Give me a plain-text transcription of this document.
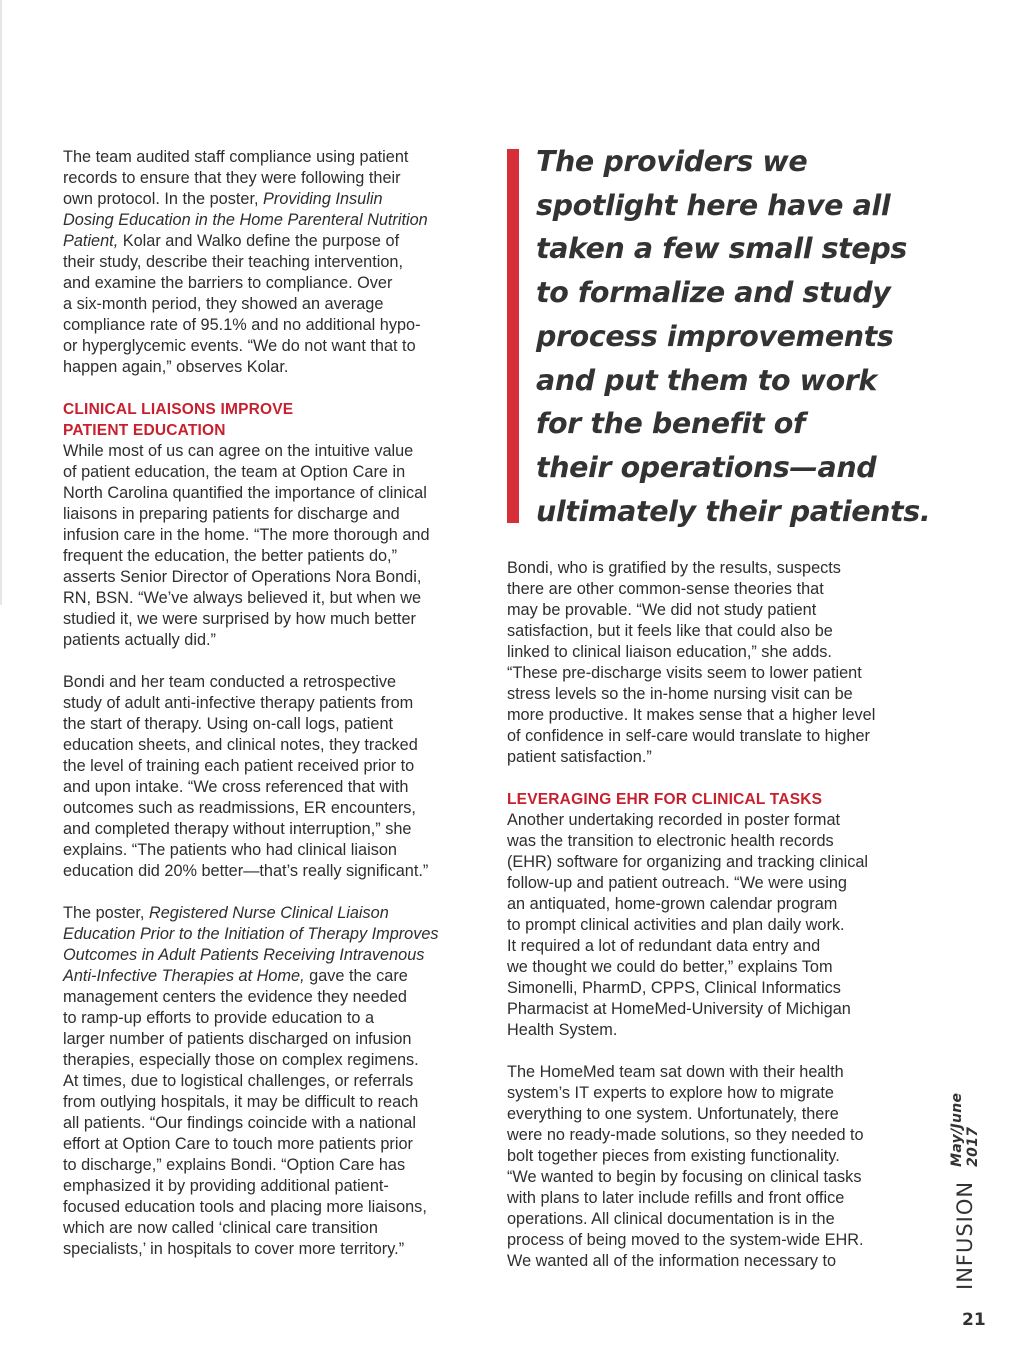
The team audited staff compliance using patient
records to ensure that they were following their
own protocol. In the poster, Providing Insulin
Dosing Education in the Home Parenteral Nutrition
Patient, Kolar and Walko define the purpose of
their study, describe their teaching intervention,
and examine the barriers to compliance. Over
a six-month period, they showed an average
compliance rate of 95.1% and no additional hypo-
or hyperglycemic events. “We do not want that to
happen again,” observes Kolar.
CLINICAL LIAISONS IMPROVE
PATIENT EDUCATION
While most of us can agree on the intuitive value
of patient education, the team at Option Care in
North Carolina quantified the importance of clinical
liaisons in preparing patients for discharge and
infusion care in the home. “The more thorough and
frequent the education, the better patients do,”
asserts Senior Director of Operations Nora Bondi,
RN, BSN. “We’ve always believed it, but when we
studied it, we were surprised by how much better
patients actually did.”
Bondi and her team conducted a retrospective
study of adult anti-infective therapy patients from
the start of therapy. Using on-call logs, patient
education sheets, and clinical notes, they tracked
the level of training each patient received prior to
and upon intake. “We cross referenced that with
outcomes such as readmissions, ER encounters,
and completed therapy without interruption,” she
explains. “The patients who had clinical liaison
education did 20% better—that’s really significant.”
The poster, Registered Nurse Clinical Liaison
Education Prior to the Initiation of Therapy Improves
Outcomes in Adult Patients Receiving Intravenous
Anti-Infective Therapies at Home, gave the care
management centers the evidence they needed
to ramp-up efforts to provide education to a
larger number of patients discharged on infusion
therapies, especially those on complex regimens.
At times, due to logistical challenges, or referrals
from outlying hospitals, it may be difficult to reach
all patients. “Our findings coincide with a national
effort at Option Care to touch more patients prior
to discharge,” explains Bondi. “Option Care has
emphasized it by providing additional patient-
focused education tools and placing more liaisons,
which are now called ‘clinical care transition
specialists,’ in hospitals to cover more territory.”
The providers we
spotlight here have all
taken a few small steps
to formalize and study
process improvements
and put them to work
for the benefit of
their operations—and
ultimately their patients.
Bondi, who is gratified by the results, suspects
there are other common-sense theories that
may be provable. “We did not study patient
satisfaction, but it feels like that could also be
linked to clinical liaison education,” she adds.
“These pre-discharge visits seem to lower patient
stress levels so the in-home nursing visit can be
more productive. It makes sense that a higher level
of confidence in self-care would translate to higher
patient satisfaction.”
LEVERAGING EHR FOR CLINICAL TASKS
Another undertaking recorded in poster format
was the transition to electronic health records
(EHR) software for organizing and tracking clinical
follow-up and patient outreach. “We were using
an antiquated, home-grown calendar program
to prompt clinical activities and plan daily work.
It required a lot of redundant data entry and
we thought we could do better,” explains Tom
Simonelli, PharmD, CPPS, Clinical Informatics
Pharmacist at HomeMed-University of Michigan
Health System.
The HomeMed team sat down with their health
system’s IT experts to explore how to migrate
everything to one system. Unfortunately, there
were no ready-made solutions, so they needed to
bolt together pieces from existing functionality.
“We wanted to begin by focusing on clinical tasks
with plans to later include refills and front office
operations. All clinical documentation is in the
process of being moved to the system-wide EHR.
We wanted all of the information necessary to	INFUSION
May/June 2017
21
